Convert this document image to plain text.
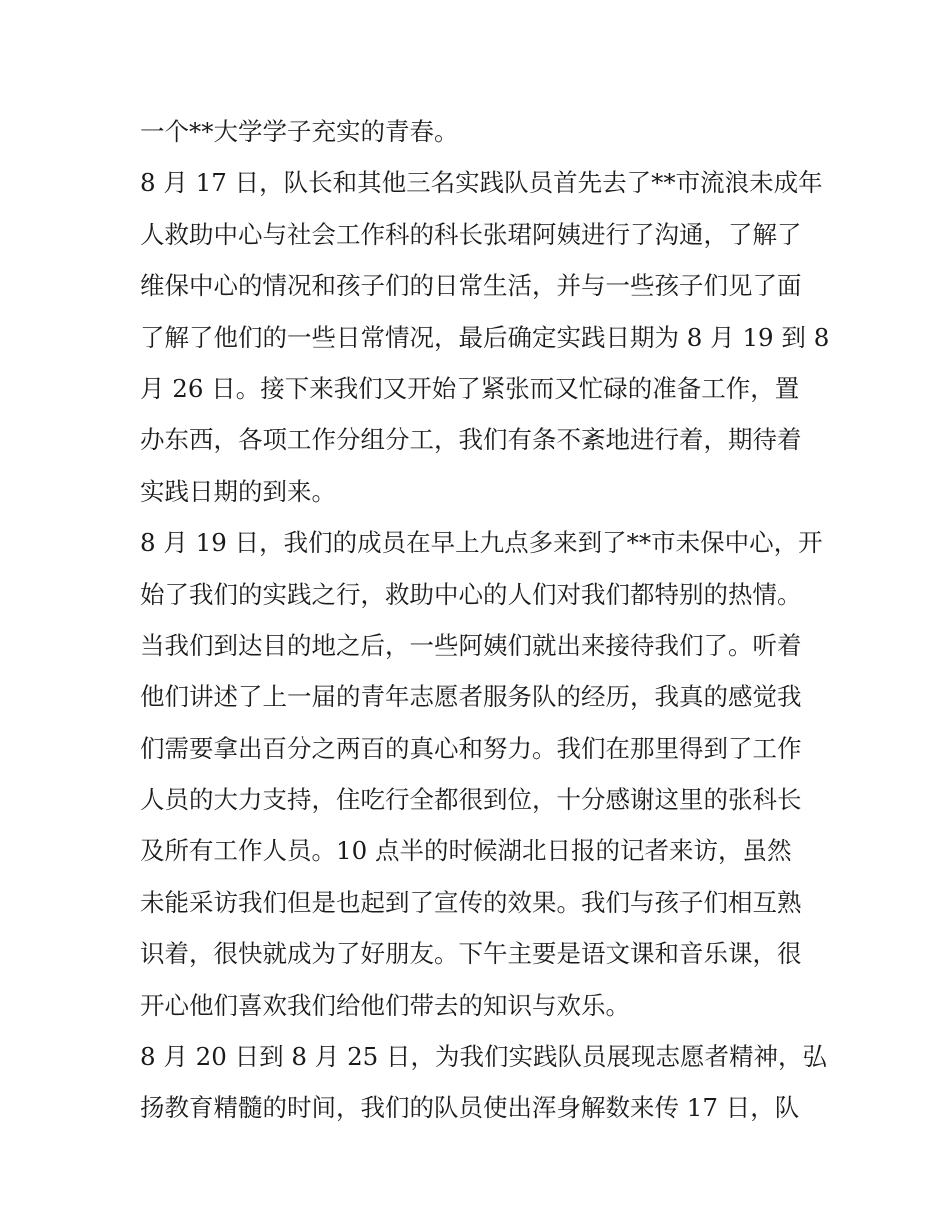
一个**大学学子充实的青春。
8 月 17 日，队长和其他三名实践队员首先去了**市流浪未成年
人救助中心与社会工作科的科长张珺阿姨进行了沟通，了解了
维保中心的情况和孩子们的日常生活，并与一些孩子们见了面
了解了他们的一些日常情况，最后确定实践日期为 8 月 19 到 8
月 26 日。接下来我们又开始了紧张而又忙碌的准备工作，置
办东西，各项工作分组分工，我们有条不紊地进行着，期待着
实践日期的到来。
8 月 19 日，我们的成员在早上九点多来到了**市未保中心，开
始了我们的实践之行，救助中心的人们对我们都特别的热情。
当我们到达目的地之后，一些阿姨们就出来接待我们了。听着
他们讲述了上一届的青年志愿者服务队的经历，我真的感觉我
们需要拿出百分之两百的真心和努力。我们在那里得到了工作
人员的大力支持，住吃行全都很到位，十分感谢这里的张科长
及所有工作人员。10 点半的时候湖北日报的记者来访，虽然
未能采访我们但是也起到了宣传的效果。我们与孩子们相互熟
识着，很快就成为了好朋友。下午主要是语文课和音乐课，很
开心他们喜欢我们给他们带去的知识与欢乐。
8 月 20 日到 8 月 25 日，为我们实践队员展现志愿者精神，弘
扬教育精髓的时间，我们的队员使出浑身解数来传 17 日，队
